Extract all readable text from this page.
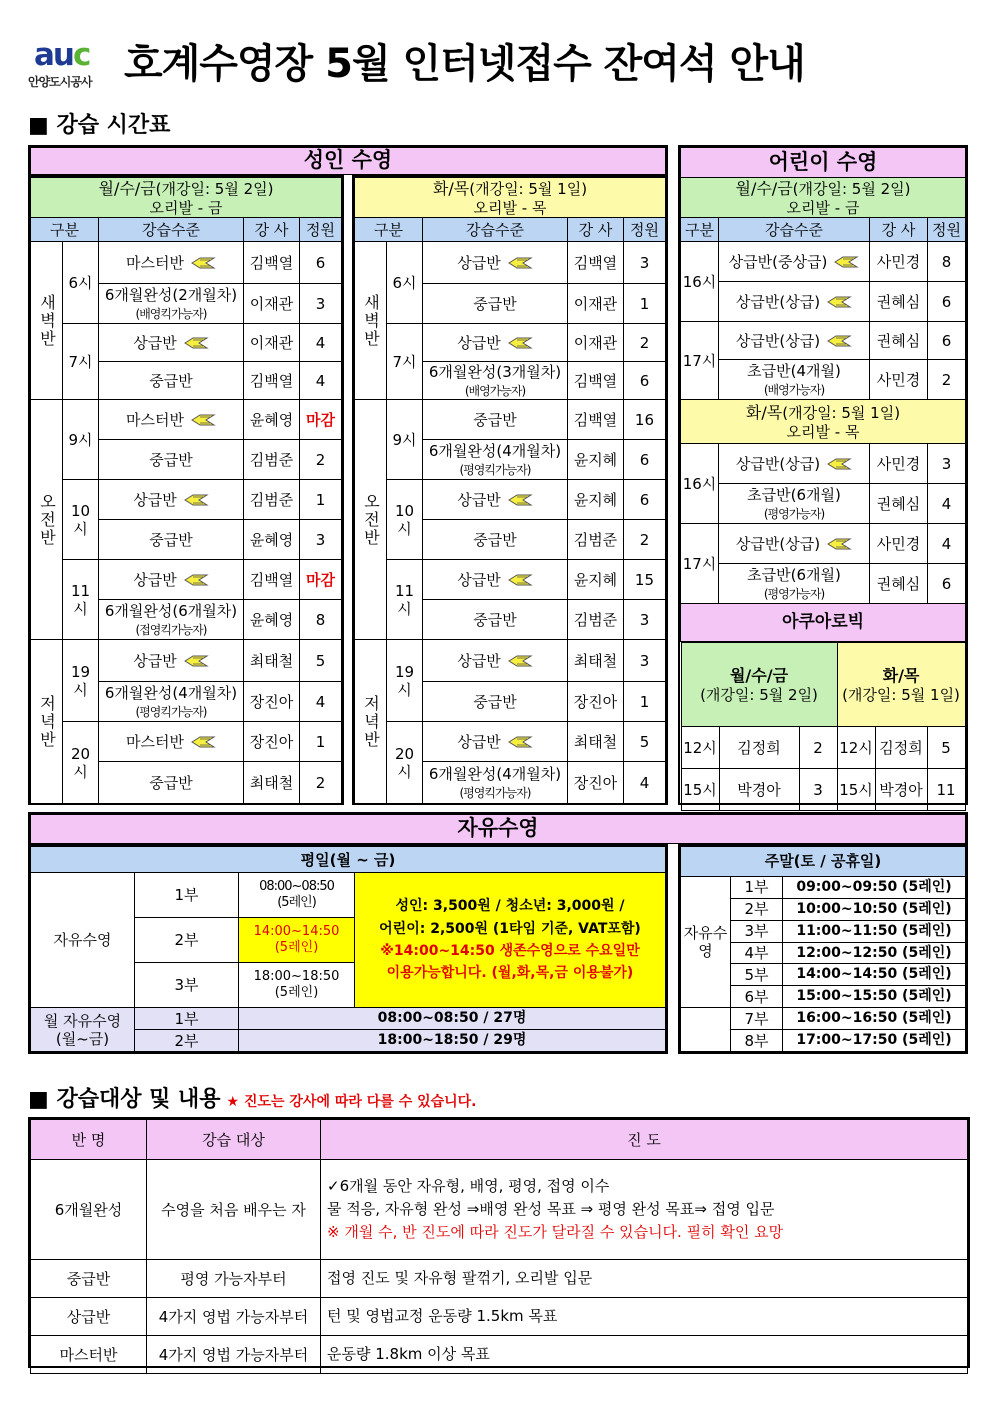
auc
안양도시공사 호계수영장 5월 인터넷접수 잔여석 안내
■ 강습 시간표
성인 수영
월/수/금(개강일: 5월 2일)
오리발 - 금				
구분		강습수준	강 사	정원
새벽반	6시	마스터반	김백열	6
		6개월완성(2개월차)
(배영킥가능자)	이재관	3
	7시	상급반	이재관	4
		중급반	김백열	4
오전반	9시	마스터반	윤혜영	마감
		중급반	김범준	2
	10시	상급반	김범준	1
		중급반	윤혜영	3
	11시	상급반	김백열	마감
		6개월완성(6개월차)
(접영킥가능자)	윤혜영	8
저녁반	19시	상급반	최태철	5
		6개월완성(4개월차)
(평영킥가능자)	장진아	4
	20시	마스터반	장진아	1
		중급반	최태철	2
화/목(개강일: 5월 1일)
오리발 - 목				
구분		강습수준	강 사	정원
새벽반	6시	상급반	김백열	3
		중급반	이재관	1
	7시	상급반	이재관	2
		6개월완성(3개월차)
(배영가능자)	김백열	6
오전반	9시	중급반	김백열	16
		6개월완성(4개월차)
(평영킥가능자)	윤지혜	6
	10시	상급반	윤지혜	6
		중급반	김범준	2
	11시	상급반	윤지혜	15
		중급반	김범준	3
저녁반	19시	상급반	최태철	3
		중급반	장진아	1
	20시	상급반	최태철	5
		6개월완성(4개월차)
(평영킥가능자)	장진아	4
어린이 수영
월/수/금(개강일: 5월 2일)
오리발 - 금
구분	강습수준	강 사	정원
16시	상급반(중상급)	사민경	8
상급반(상급)	권혜심	6
17시	상급반(상급)	권혜심	6
초급반(4개월)
(배영가능자)	사민경	2
화/목(개강일: 5월 1일)
오리발 - 목
16시	상급반(상급)	사민경	3
초급반(6개월)
(평영가능자)	권혜심	4
17시	상급반(상급)	사민경	4
초급반(6개월)
(평영가능자)	권혜심	6
아쿠아로빅

월/수/금
(개강일: 5월 2일)	화/목
(개강일: 5월 1일)
12시	김정희	2	12시	김정희	5
15시	박경아	3	15시	박경아	11
자유수영
평일(월 ~ 금)			
자유수영	1부	08:00~08:50
(5레인)	성인: 3,500원 / 청소년: 3,000원 /
어린이: 2,500원 (1타임 기준, VAT포함)
※14:00~14:50 생존수영으로 수요일만
이용가능합니다. (월,화,목,금 이용불가)
	2부	14:00~14:50
(5레인)	
	3부	18:00~18:50
(5레인)	
월 자유수영 (월~금)	1부	08:00~08:50 / 27명	
	2부	18:00~18:50 / 29명	
주말(토 / 공휴일)		
자유수영	1부	09:00~09:50 (5레인)
	2부	10:00~10:50 (5레인)
	3부	11:00~11:50 (5레인)
	4부	12:00~12:50 (5레인)
	5부	14:00~14:50 (5레인)
	6부	15:00~15:50 (5레인)
	7부	16:00~16:50 (5레인)
	8부	17:00~17:50 (5레인)
■ 강습대상 및 내용 ★ 진도는 강사에 따라 다를 수 있습니다.
반 명	강습 대상	진 도
6개월완성	수영을 처음 배우는 자	✓6개월 동안 자유형, 배영, 평영, 접영 이수
물 적응, 자유형 완성 ⇒배영 완성 목표 ⇒ 평영 완성 목표⇒ 접영 입문
※ 개월 수, 반 진도에 따라 진도가 달라질 수 있습니다. 필히 확인 요망
중급반	평영 가능자부터	접영 진도 및 자유형 팔꺾기, 오리발 입문

상급반	4가지 영법 가능자부터	턴 및 영법교정 운동량 1.5km 목표

마스터반	4가지 영법 가능자부터	운동량 1.8km 이상 목표
